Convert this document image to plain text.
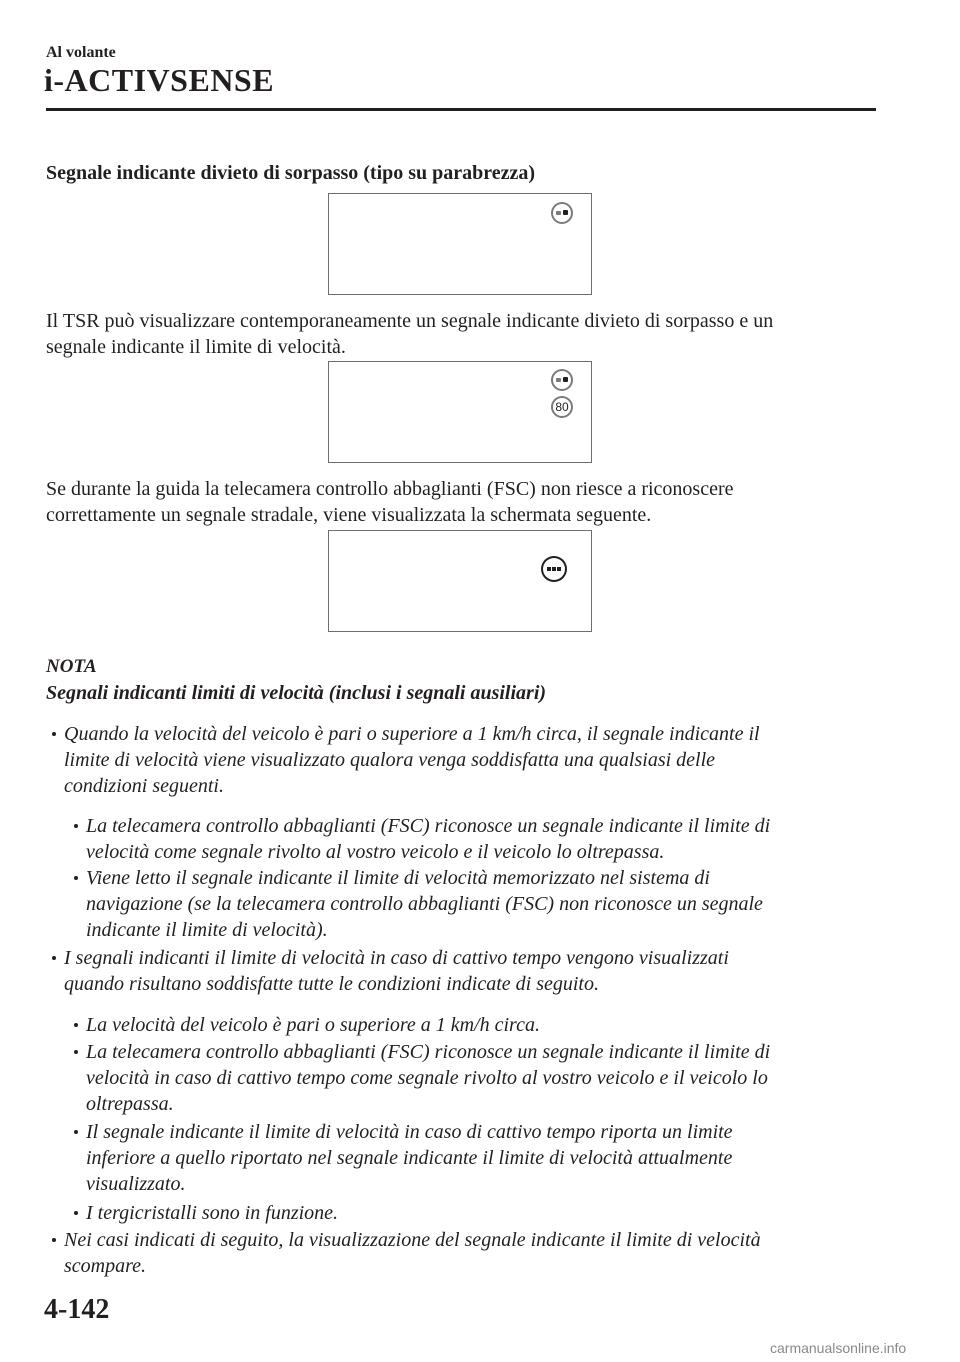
Al volante
i-ACTIVSENSE
Segnale indicante divieto di sorpasso (tipo su parabrezza)
Il TSR può visualizzare contemporaneamente un segnale indicante divieto di sorpasso e un
segnale indicante il limite di velocità.
80
Se durante la guida la telecamera controllo abbaglianti (FSC) non riesce a riconoscere
correttamente un segnale stradale, viene visualizzata la schermata seguente.
NOTA
Segnali indicanti limiti di velocità (inclusi i segnali ausiliari)
Quando la velocità del veicolo è pari o superiore a 1 km/h circa, il segnale indicante il
limite di velocità viene visualizzato qualora venga soddisfatta una qualsiasi delle
condizioni seguenti.
La telecamera controllo abbaglianti (FSC) riconosce un segnale indicante il limite di
velocità come segnale rivolto al vostro veicolo e il veicolo lo oltrepassa.
Viene letto il segnale indicante il limite di velocità memorizzato nel sistema di
navigazione (se la telecamera controllo abbaglianti (FSC) non riconosce un segnale
indicante il limite di velocità).
I segnali indicanti il limite di velocità in caso di cattivo tempo vengono visualizzati
quando risultano soddisfatte tutte le condizioni indicate di seguito.
La velocità del veicolo è pari o superiore a 1 km/h circa.
La telecamera controllo abbaglianti (FSC) riconosce un segnale indicante il limite di
velocità in caso di cattivo tempo come segnale rivolto al vostro veicolo e il veicolo lo
oltrepassa.
Il segnale indicante il limite di velocità in caso di cattivo tempo riporta un limite
inferiore a quello riportato nel segnale indicante il limite di velocità attualmente
visualizzato.
I tergicristalli sono in funzione.
Nei casi indicati di seguito, la visualizzazione del segnale indicante il limite di velocità
scompare.
4-142
carmanualsonline.info
